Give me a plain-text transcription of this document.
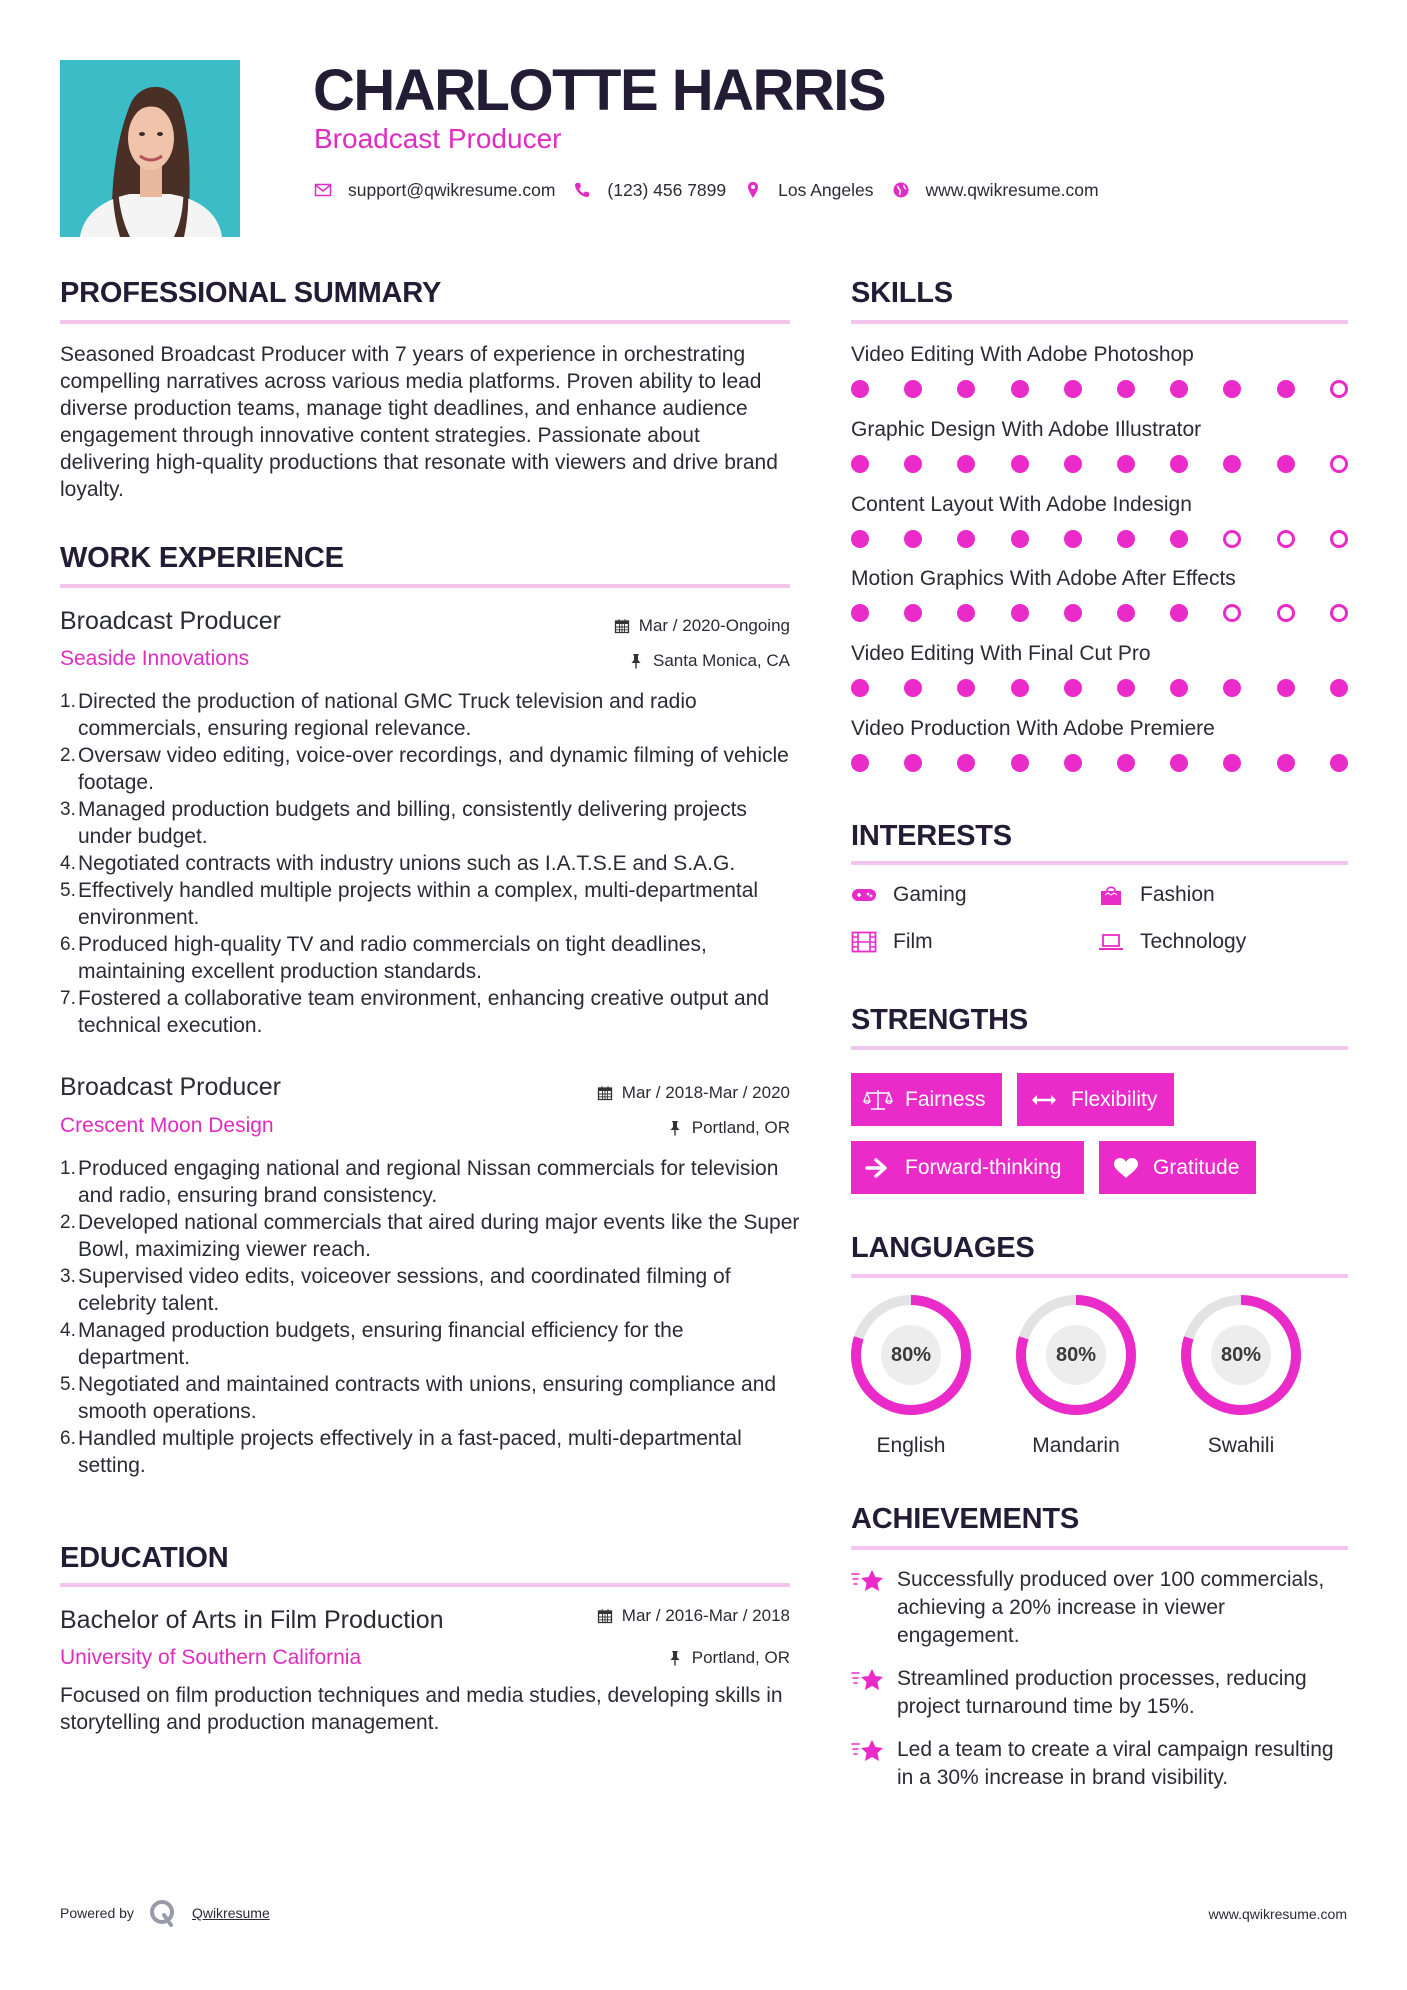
CHARLOTTE HARRIS
Broadcast Producer
support@qwikresume.com	(123) 456 7899	Los Angeles	www.qwikresume.com
PROFESSIONAL SUMMARY
Seasoned Broadcast Producer with 7 years of experience in orchestrating compelling narratives across various media platforms. Proven ability to lead diverse production teams, manage tight deadlines, and enhance audience engagement through innovative content strategies. Passionate about delivering high-quality productions that resonate with viewers and drive brand loyalty.
WORK EXPERIENCE
Broadcast Producer	Mar / 2020-Ongoing
Seaside Innovations	Santa Monica, CA
1. Directed the production of national GMC Truck television and radio commercials, ensuring regional relevance.
2. Oversaw video editing, voice-over recordings, and dynamic filming of vehicle footage.
3. Managed production budgets and billing, consistently delivering projects under budget.
4. Negotiated contracts with industry unions such as I.A.T.S.E and S.A.G.
5. Effectively handled multiple projects within a complex, multi-departmental environment.
6. Produced high-quality TV and radio commercials on tight deadlines, maintaining excellent production standards.
7. Fostered a collaborative team environment, enhancing creative output and technical execution.
Broadcast Producer	Mar / 2018-Mar / 2020
Crescent Moon Design	Portland, OR
1. Produced engaging national and regional Nissan commercials for television and radio, ensuring brand consistency.
2. Developed national commercials that aired during major events like the Super Bowl, maximizing viewer reach.
3. Supervised video edits, voiceover sessions, and coordinated filming of celebrity talent.
4. Managed production budgets, ensuring financial efficiency for the department.
5. Negotiated and maintained contracts with unions, ensuring compliance and smooth operations.
6. Handled multiple projects effectively in a fast-paced, multi-departmental setting.
EDUCATION
Bachelor of Arts in Film Production	Mar / 2016-Mar / 2018
University of Southern California	Portland, OR
Focused on film production techniques and media studies, developing skills in storytelling and production management.
SKILLS
Video Editing With Adobe Photoshop
Graphic Design With Adobe Illustrator
Content Layout With Adobe Indesign
Motion Graphics With Adobe After Effects
Video Editing With Final Cut Pro
Video Production With Adobe Premiere
INTERESTS
Gaming	Fashion
Film	Technology
STRENGTHS
Fairness	Flexibility
Forward-thinking	Gratitude
LANGUAGES
80%
English
80%
Mandarin
80%
Swahili
ACHIEVEMENTS
Successfully produced over 100 commercials, achieving a 20% increase in viewer engagement.
Streamlined production processes, reducing project turnaround time by 15%.
Led a team to create a viral campaign resulting in a 30% increase in brand visibility.
Powered by	Qwikresume	www.qwikresume.com
